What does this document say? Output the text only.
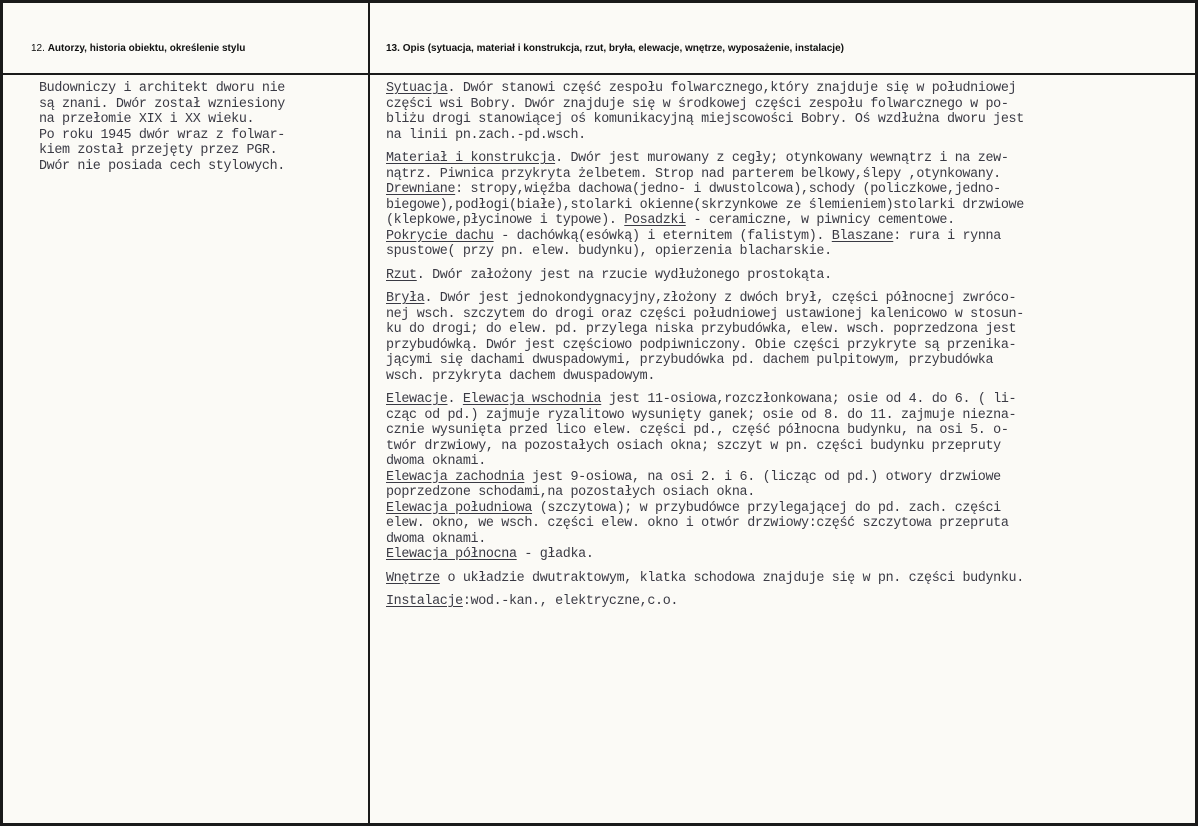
12. Autorzy, historia obiektu, określenie stylu	13. Opis (sytuacja, materiał i konstrukcja, rzut, bryła, elewacje, wnętrze, wyposażenie, instalacje)
Budowniczy i architekt dworu nie
są znani. Dwór został wzniesiony
na przełomie XIX i XX wieku.
Po roku 1945 dwór wraz z folwar-
kiem został przejęty przez PGR.
Dwór nie posiada cech stylowych.
Sytuacja. Dwór stanowi część zespołu folwarcznego,który znajduje się w południowej
części wsi Bobry. Dwór znajduje się w środkowej części zespołu folwarcznego w po-
bliżu drogi stanowiącej oś komunikacyjną miejscowości Bobry. Oś wzdłużna dworu jest
na linii pn.zach.-pd.wsch.
Materiał i konstrukcja. Dwór jest murowany z cegły; otynkowany wewnątrz i na zew-
nątrz. Piwnica przykryta żelbetem. Strop nad parterem belkowy,ślepy ,otynkowany.
Drewniane: stropy,więźba dachowa(jedno- i dwustolcowa),schody (policzkowe,jedno-
biegowe),podłogi(białe),stolarki okienne(skrzynkowe ze ślemieniem)stolarki drzwiowe
(klepkowe,płycinowe i typowe). Posadzki - ceramiczne, w piwnicy cementowe.
Pokrycie dachu - dachówką(esówką) i eternitem (falistym). Blaszane: rura i rynna
spustowe( przy pn. elew. budynku), opierzenia blacharskie.
Rzut. Dwór założony jest na rzucie wydłużonego prostokąta.
Bryła. Dwór jest jednokondygnacyjny,złożony z dwóch brył, części północnej zwróco-
nej wsch. szczytem do drogi oraz części południowej ustawionej kalenicowo w stosun-
ku do drogi; do elew. pd. przylega niska przybudówka, elew. wsch. poprzedzona jest
przybudówką. Dwór jest częściowo podpiwniczony. Obie części przykryte są przenika-
jącymi się dachami dwuspadowymi, przybudówka pd. dachem pulpitowym, przybudówka
wsch. przykryta dachem dwuspadowym.
Elewacje. Elewacja wschodnia jest 11-osiowa,rozczłonkowana; osie od 4. do 6. ( li-
cząc od pd.) zajmuje ryzalitowo wysunięty ganek; osie od 8. do 11. zajmuje niezna-
cznie wysunięta przed lico elew. części pd., część północna budynku, na osi 5. o-
twór drzwiowy, na pozostałych osiach okna; szczyt w pn. części budynku przepruty
dwoma oknami.
Elewacja zachodnia jest 9-osiowa, na osi 2. i 6. (licząc od pd.) otwory drzwiowe
poprzedzone schodami,na pozostałych osiach okna.
Elewacja południowa (szczytowa); w przybudówce przylegającej do pd. zach. części
elew. okno, we wsch. części elew. okno i otwór drzwiowy:część szczytowa przepruta
dwoma oknami.
Elewacja północna - gładka.
Wnętrze o układzie dwutraktowym, klatka schodowa znajduje się w pn. części budynku.
Instalacje:wod.-kan., elektryczne,c.o.
